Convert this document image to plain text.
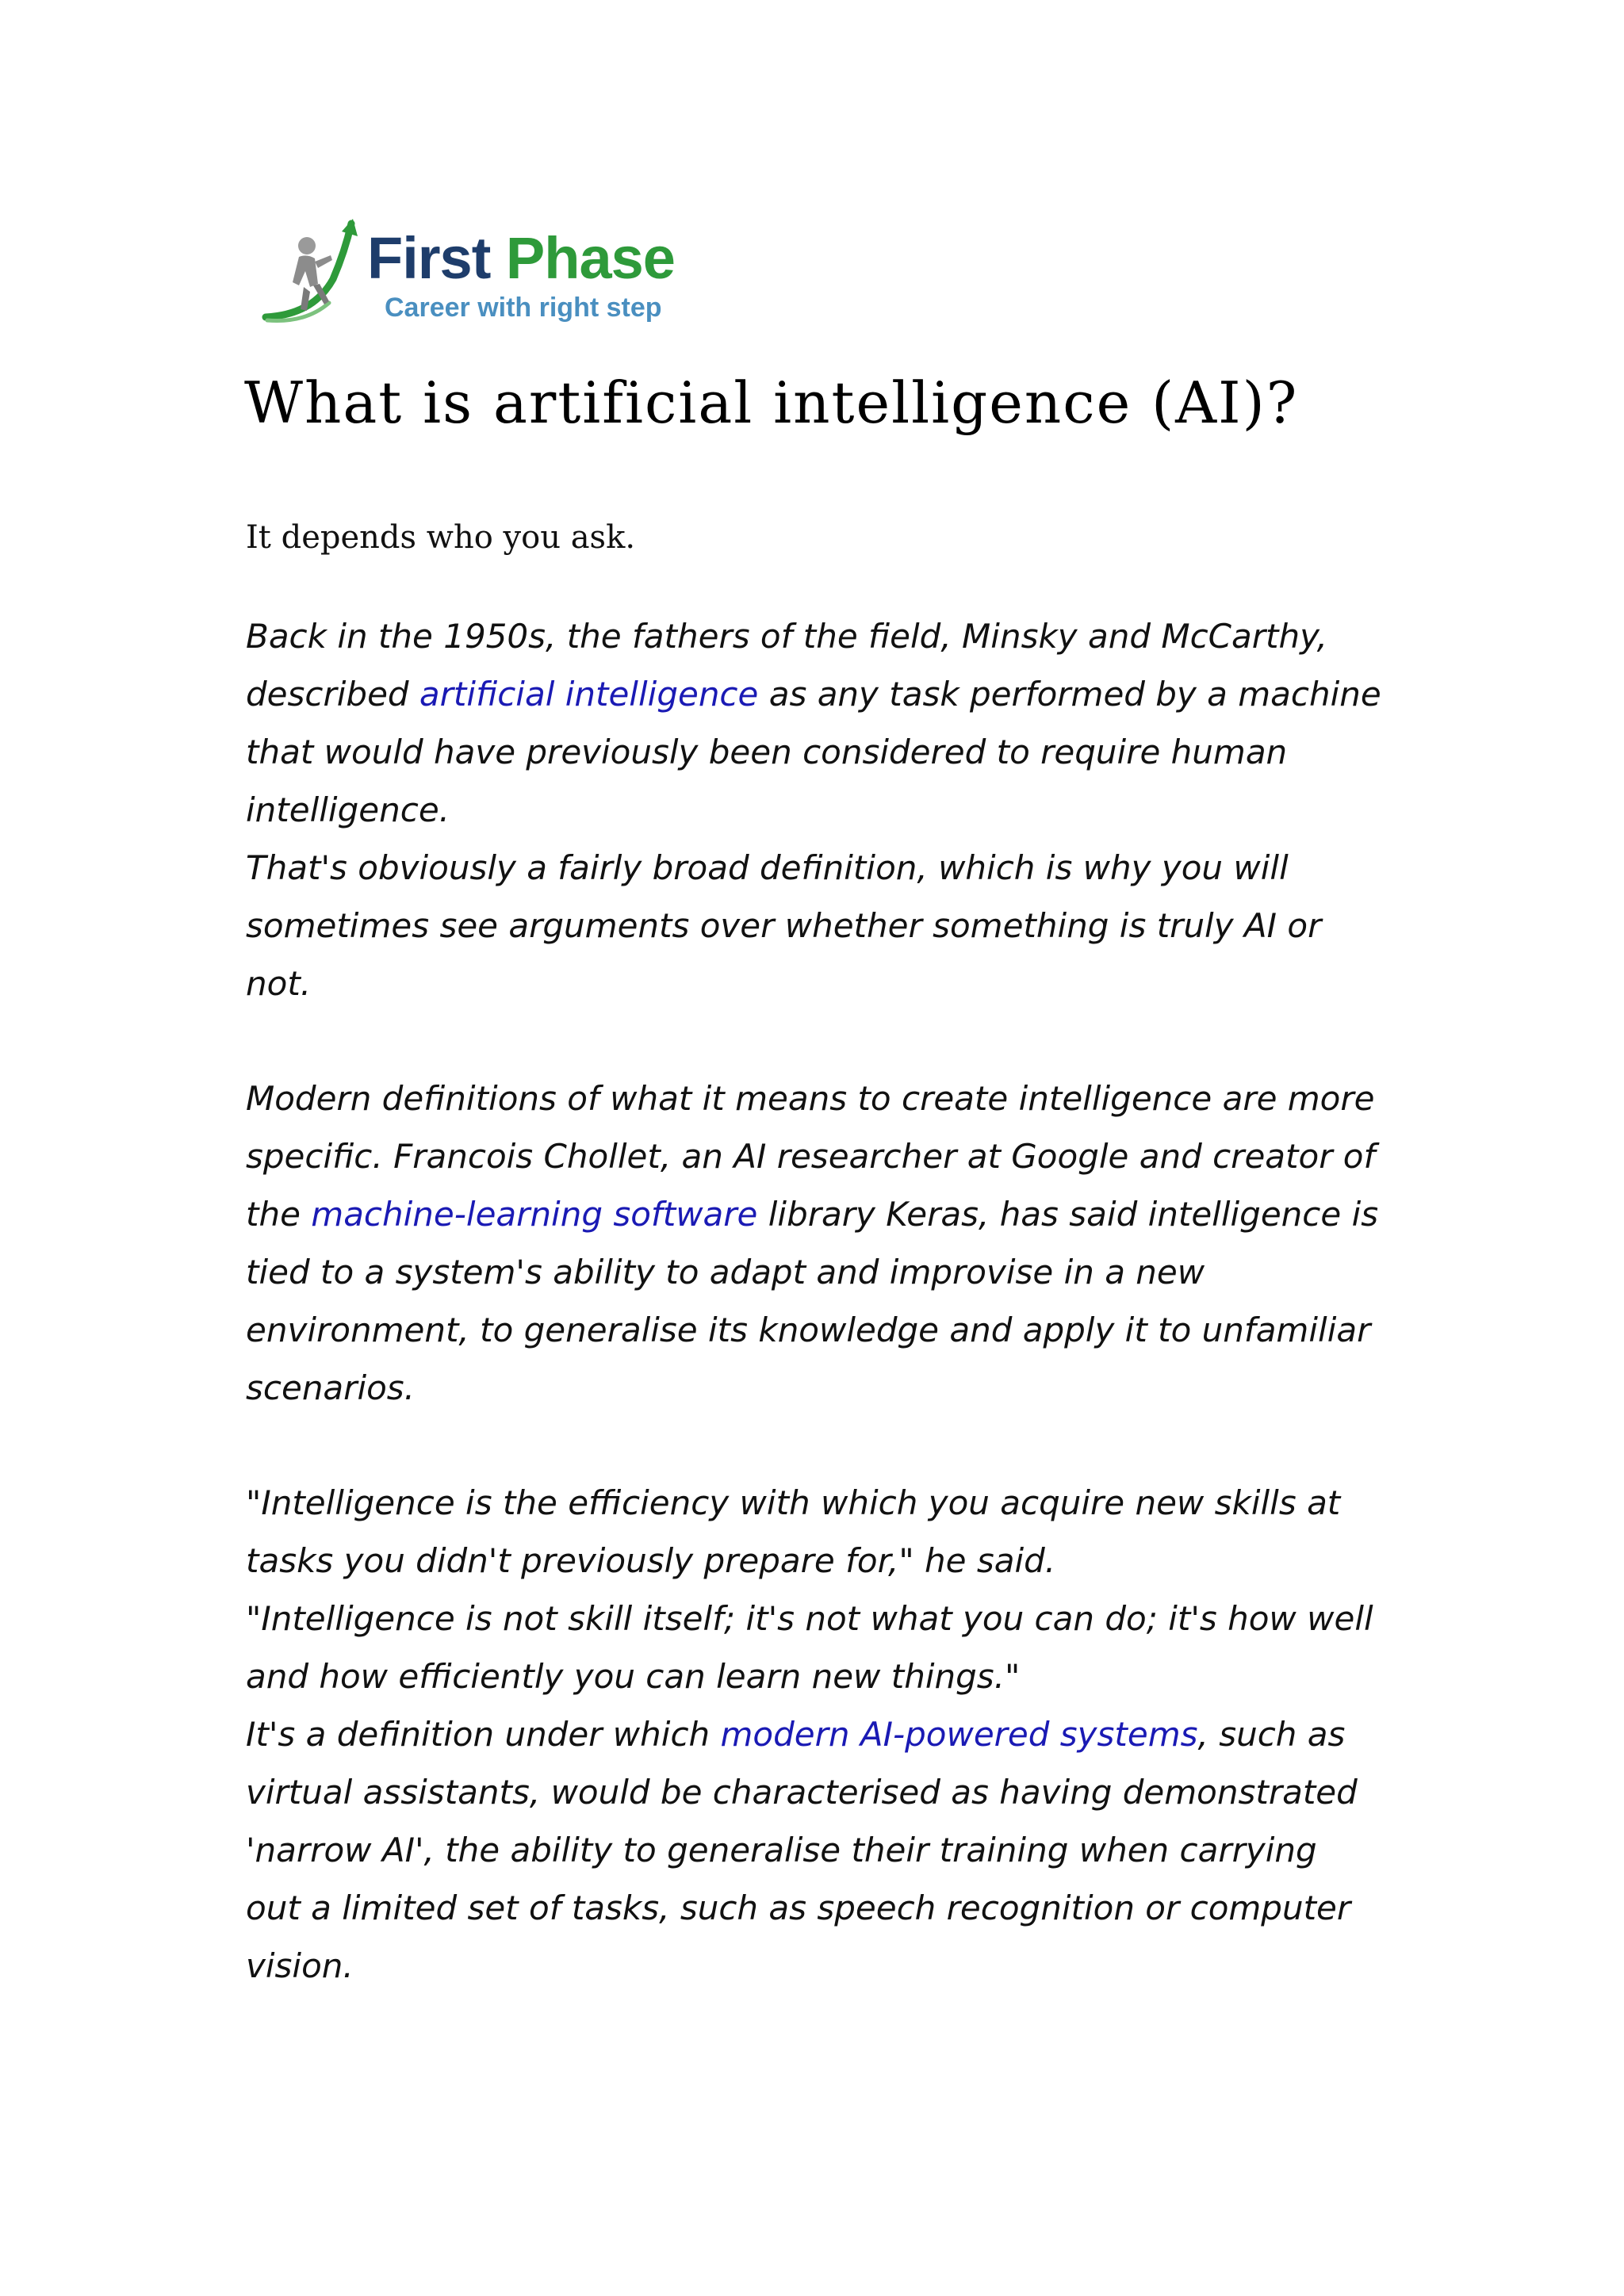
First Phase
Career with right step
What is artificial intelligence (AI)?

It depends who you ask.

Back in the 1950s, the fathers of the field, Minsky and McCarthy,
described artificial intelligence as any task performed by a machine
that would have previously been considered to require human
intelligence.
That's obviously a fairly broad definition, which is why you will
sometimes see arguments over whether something is truly AI or
not.
Modern definitions of what it means to create intelligence are more
specific. Francois Chollet, an AI researcher at Google and creator of
the machine-learning software library Keras, has said intelligence is
tied to a system's ability to adapt and improvise in a new
environment, to generalise its knowledge and apply it to unfamiliar
scenarios.
"Intelligence is the efficiency with which you acquire new skills at
tasks you didn't previously prepare for," he said.
"Intelligence is not skill itself; it's not what you can do; it's how well
and how efficiently you can learn new things."
It's a definition under which modern AI-powered systems, such as
virtual assistants, would be characterised as having demonstrated
'narrow AI', the ability to generalise their training when carrying
out a limited set of tasks, such as speech recognition or computer
vision.
